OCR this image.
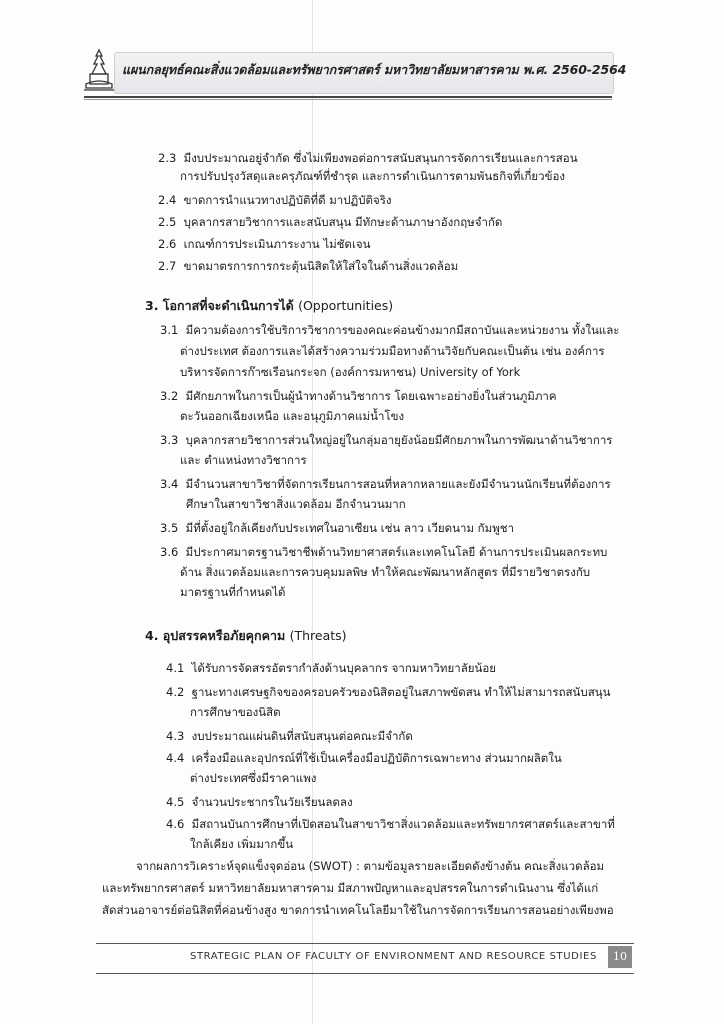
แผนกลยุทธ์คณะสิ่งแวดล้อมและทรัพยากรศาสตร์ มหาวิทยาลัยมหาสารคาม พ.ศ. 2560-2564
2.3 มีงบประมาณอยู่จำกัด ซึ่งไม่เพียงพอต่อการสนับสนุนการจัดการเรียนและการสอน
การปรับปรุงวัสดุและครุภัณฑ์ที่ชำรุด และการดำเนินการตามพันธกิจที่เกี่ยวข้อง
2.4 ขาดการนำแนวทางปฏิบัติที่ดี มาปฏิบัติจริง
2.5 บุคลากรสายวิชาการและสนับสนุน มีทักษะด้านภาษาอังกฤษจำกัด
2.6 เกณฑ์การประเมินภาระงาน ไม่ชัดเจน
2.7 ขาดมาตรการการกระตุ้นนิสิตให้ใส่ใจในด้านสิ่งแวดล้อม
3. โอกาสที่จะดำเนินการได้ (Opportunities)
3.1 มีความต้องการใช้บริการวิชาการของคณะค่อนข้างมากมีสถาบันและหน่วยงาน ทั้งในและ
ต่างประเทศ ต้องการและได้สร้างความร่วมมือทางด้านวิจัยกับคณะเป็นต้น เช่น องค์การ
บริหารจัดการก๊าซเรือนกระจก (องค์การมหาชน) University of York
3.2 มีศักยภาพในการเป็นผู้นำทางด้านวิชาการ โดยเฉพาะอย่างยิ่งในส่วนภูมิภาค
ตะวันออกเฉียงเหนือ และอนุภูมิภาคแม่น้ำโขง
3.3 บุคลากรสายวิชาการส่วนใหญ่อยู่ในกลุ่มอายุยังน้อยมีศักยภาพในการพัฒนาด้านวิชาการ
และ ตำแหน่งทางวิชาการ
3.4 มีจำนวนสาขาวิชาที่จัดการเรียนการสอนที่หลากหลายและยังมีจำนวนนักเรียนที่ต้องการ
ศึกษาในสาขาวิชาสิ่งแวดล้อม อีกจำนวนมาก
3.5 มีที่ตั้งอยู่ใกล้เคียงกับประเทศในอาเซียน เช่น ลาว เวียดนาม กัมพูชา
3.6 มีประกาศมาตรฐานวิชาชีพด้านวิทยาศาสตร์และเทคโนโลยี ด้านการประเมินผลกระทบ
ด้าน สิ่งแวดล้อมและการควบคุมมลพิษ ทำให้คณะพัฒนาหลักสูตร ที่มีรายวิชาตรงกับ
มาตรฐานที่กำหนดได้
4. อุปสรรคหรือภัยคุกคาม (Threats)
4.1 ได้รับการจัดสรรอัตรากำลังด้านบุคลากร จากมหาวิทยาลัยน้อย
4.2 ฐานะทางเศรษฐกิจของครอบครัวของนิสิตอยู่ในสภาพขัดสน ทำให้ไม่สามารถสนับสนุน
การศึกษาของนิสิต
4.3 งบประมาณแผ่นดินที่สนับสนุนต่อคณะมีจำกัด
4.4 เครื่องมือและอุปกรณ์ที่ใช้เป็นเครื่องมือปฏิบัติการเฉพาะทาง ส่วนมากผลิตใน
ต่างประเทศซึ่งมีราคาแพง
4.5 จำนวนประชากรในวัยเรียนลดลง
4.6 มีสถานบันการศึกษาที่เปิดสอนในสาขาวิชาสิ่งแวดล้อมและทรัพยากรศาสตร์และสาขาที่
ใกล้เคียง เพิ่มมากขึ้น
จากผลการวิเคราะห์จุดแข็งจุดอ่อน (SWOT) : ตามข้อมูลรายละเอียดดังข้างต้น คณะสิ่งแวดล้อม
และทรัพยากรศาสตร์ มหาวิทยาลัยมหาสารคาม มีสภาพปัญหาและอุปสรรคในการดำเนินงาน ซึ่งได้แก่
สัดส่วนอาจารย์ต่อนิสิตที่ค่อนข้างสูง ขาดการนำเทคโนโลยีมาใช้ในการจัดการเรียนการสอนอย่างเพียงพอ
STRATEGIC PLAN OF FACULTY OF ENVIRONMENT AND RESOURCE STUDIES	10
